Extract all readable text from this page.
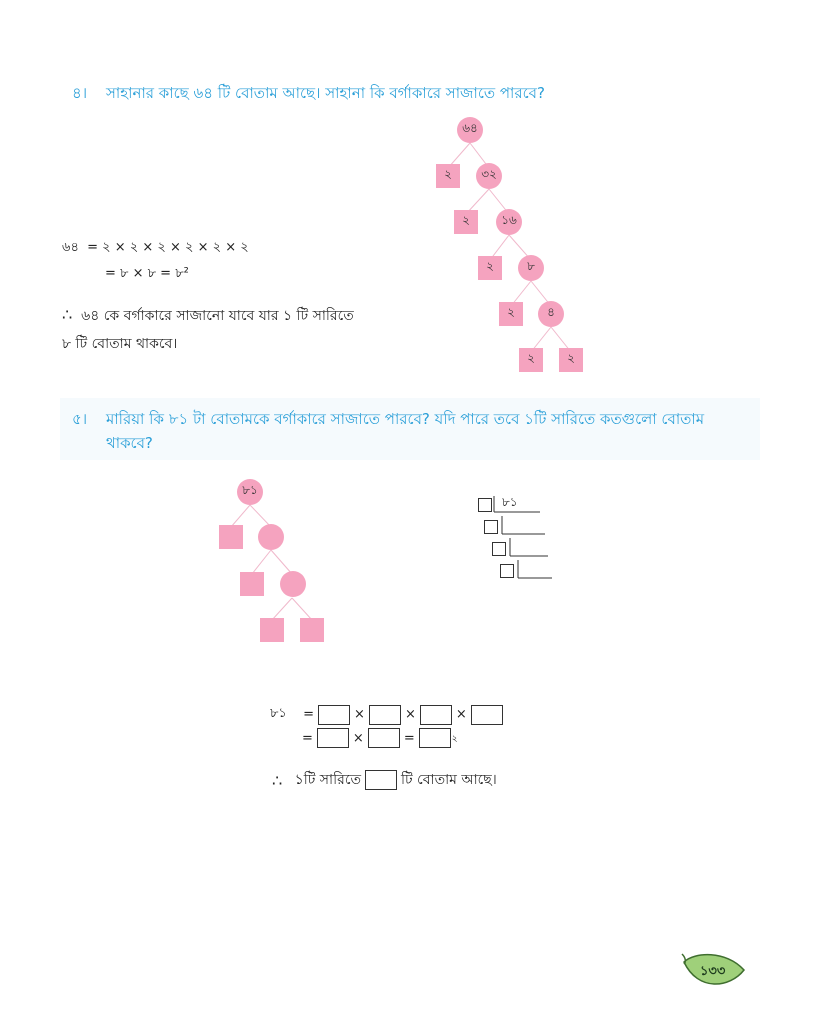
৪। সাহানার কাছে ৬৪ টি বোতাম আছে। সাহানা কি বর্গাকারে সাজাতে পারবে?
৬৪
২	৩২
২	১৬
২	৮
২	৪
২	২
৬৪ = ২ × ২ × ২ × ২ × ২ × ২
= ৮ × ৮ = ৮²
∴ ৬৪ কে বর্গাকারে সাজানো যাবে যার ১ টি সারিতে
৮ টি বোতাম থাকবে।
৫। মারিয়া কি ৮১ টা বোতামকে বর্গাকারে সাজাতে পারবে? যদি পারে তবে ১টি সারিতে কতগুলো বোতাম
থাকবে?
৮১
৮১
৮১
=	×	×	×
=	×	=	২
∴
১টি সারিতে	টি বোতাম আছে।
১৩৩
